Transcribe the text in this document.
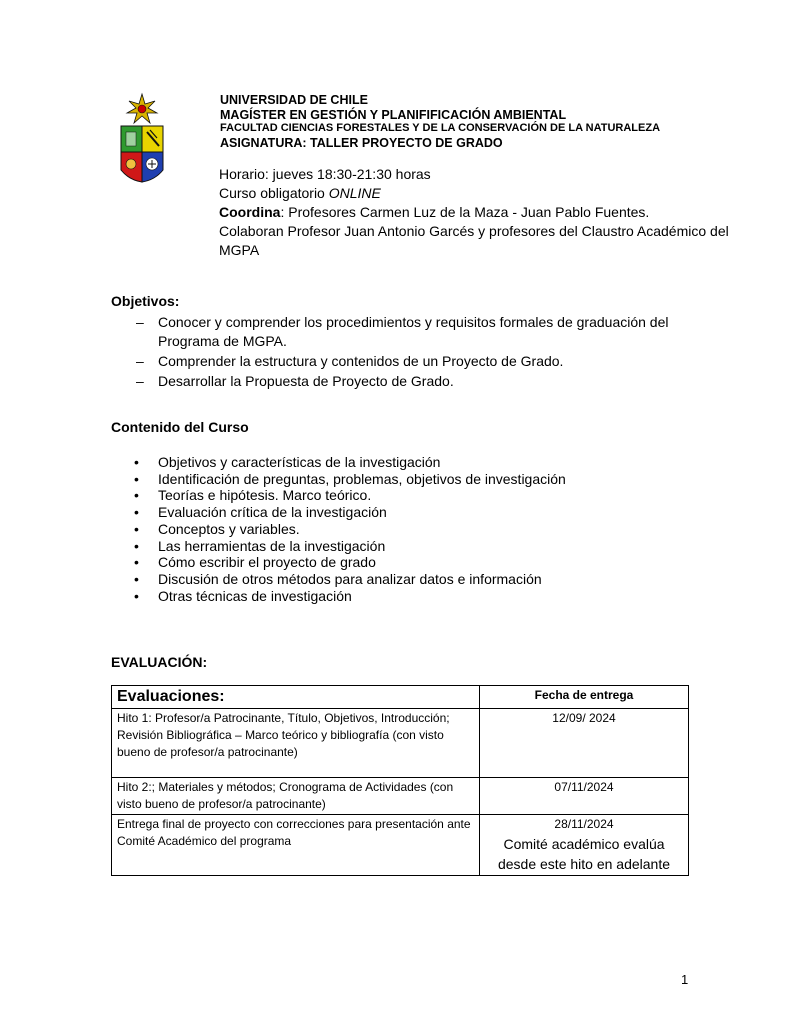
UNIVERSIDAD DE CHILE
MAGÍSTER EN GESTIÓN Y PLANIFIFICACIÓN AMBIENTAL
FACULTAD CIENCIAS FORESTALES Y DE LA CONSERVACIÓN DE LA NATURALEZA
ASIGNATURA: TALLER PROYECTO DE GRADO

Horario: jueves 18:30-21:30 horas

Curso obligatorio ONLINE

Coordina: Profesores Carmen Luz de la Maza - Juan Pablo Fuentes.

Colaboran Profesor Juan Antonio Garcés y profesores del Claustro Académico del MGPA

Objetivos:
– Conocer y comprender los procedimientos y requisitos formales de graduación del Programa de MGPA.
– Comprender la estructura y contenidos de un Proyecto de Grado.
– Desarrollar la Propuesta de Proyecto de Grado.
Contenido del Curso
• Objetivos y características de la investigación
• Identificación de preguntas, problemas, objetivos de investigación
• Teorías e hipótesis. Marco teórico.
• Evaluación crítica de la investigación
• Conceptos y variables.
• Las herramientas de la investigación
• Cómo escribir el proyecto de grado
• Discusión de otros métodos para analizar datos e información
• Otras técnicas de investigación
EVALUACIÓN:
Evaluaciones:	Fecha de entrega
Hito 1: Profesor/a Patrocinante, Título, Objetivos, Introducción; Revisión Bibliográfica – Marco teórico y bibliografía (con visto bueno de profesor/a patrocinante)	12/09/ 2024
Hito 2:; Materiales y métodos; Cronograma de Actividades (con visto bueno de profesor/a patrocinante)	07/11/2024
Entrega final de proyecto con correcciones para presentación ante Comité Académico del programa	28/11/2024
Comité académico evalúa desde este hito en adelante
1
